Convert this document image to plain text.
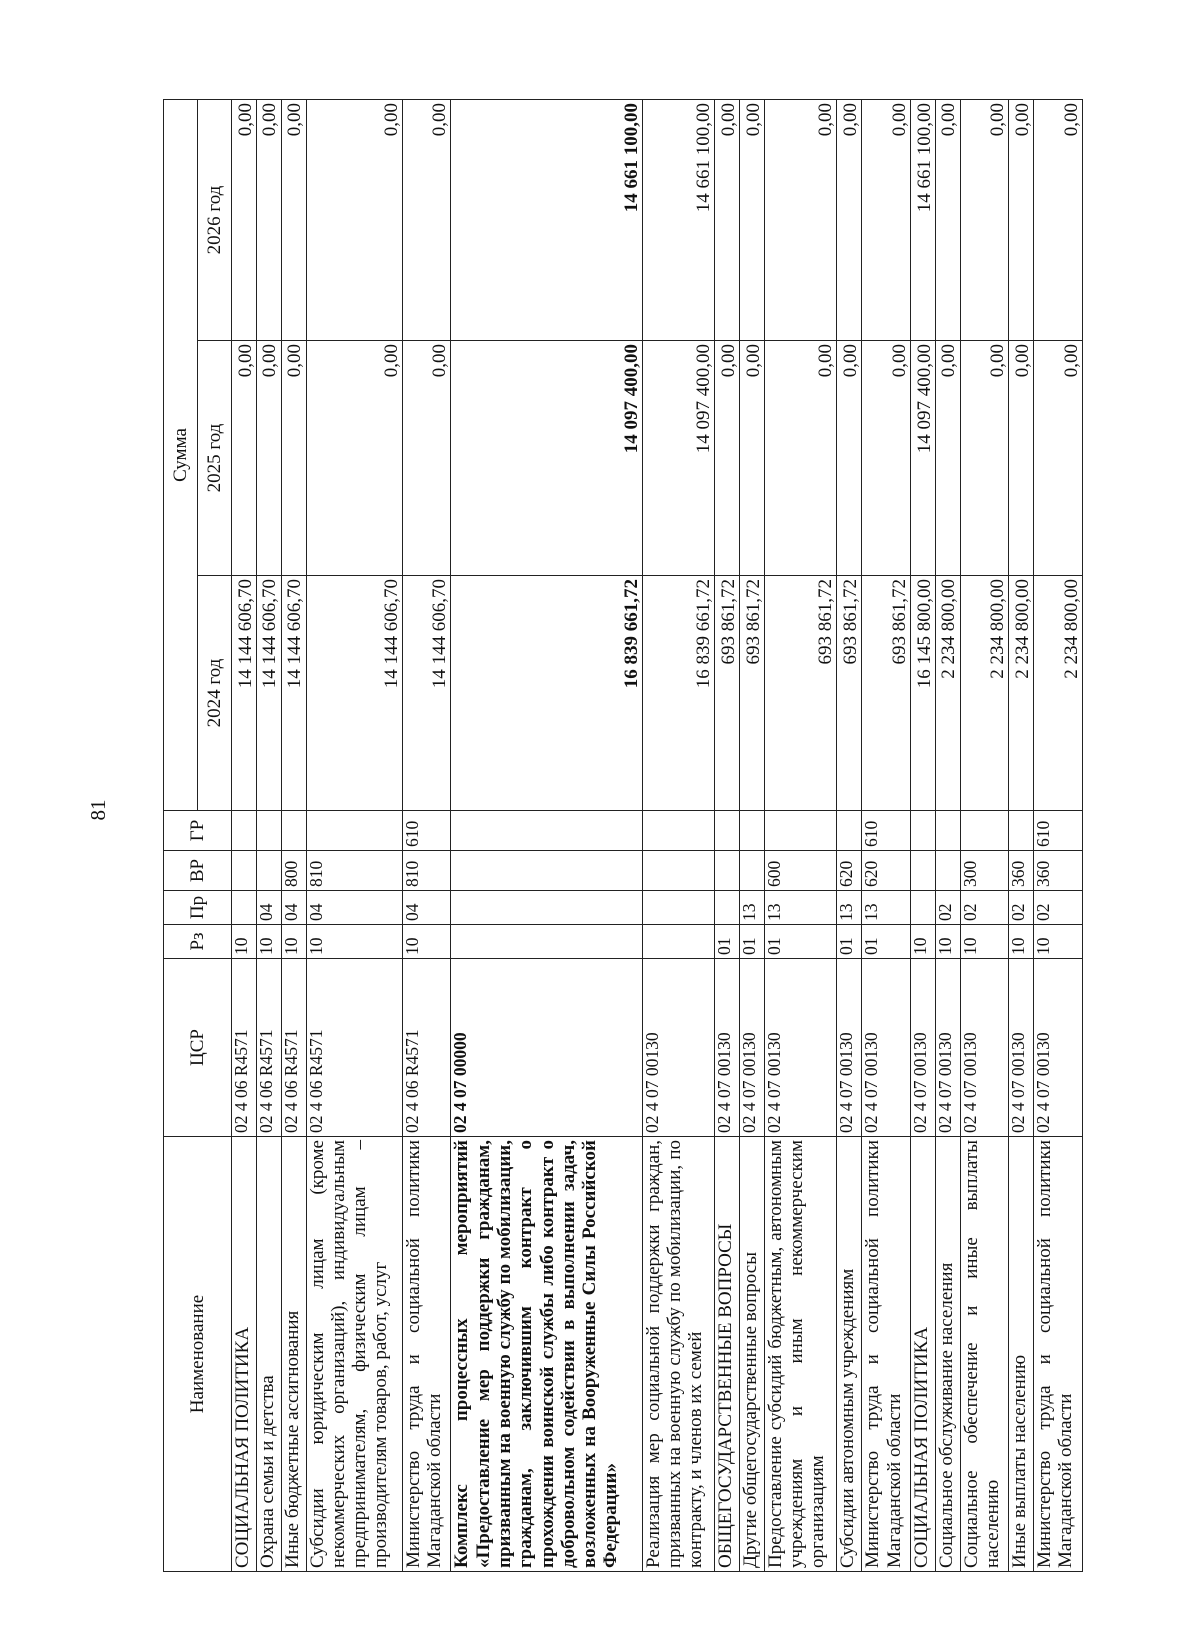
81
Наименование	ЦСР	Рз	Пр	ВР	ГР	Сумма		
						2024 год	2025 год	2026 год
СОЦИАЛЬНАЯ ПОЛИТИКА	02 4 06 R4571	10				14 144 606,70	0,00	0,00
Охрана семьи и детства	02 4 06 R4571	10	04			14 144 606,70	0,00	0,00
Иные бюджетные ассигнования	02 4 06 R4571	10	04	800		14 144 606,70	0,00	0,00
Субсидии юридическим лицам (кроме некоммерческих организаций), индивидуальным предпринимателям, физическим лицам – производителям товаров, работ, услуг	02 4 06 R4571	10	04	810		14 144 606,70	0,00	0,00
Министерство труда и социальной политики Магаданской области	02 4 06 R4571	10	04	810	610	14 144 606,70	0,00	0,00
Комплекс процессных мероприятий «Предоставление мер поддержки гражданам, призванным на военную службу по мобилизации, гражданам, заключившим контракт о прохождении воинской службы либо контракт о добровольном содействии в выполнении задач, возложенных на Вооруженные Силы Российской Федерации»	02 4 07 00000					16 839 661,72	14 097 400,00	14 661 100,00
Реализация мер социальной поддержки граждан, призванных на военную службу по мобилизации, по контракту, и членов их семей	02 4 07 00130					16 839 661,72	14 097 400,00	14 661 100,00
ОБЩЕГОСУДАРСТВЕННЫЕ ВОПРОСЫ	02 4 07 00130	01				693 861,72	0,00	0,00
Другие общегосударственные вопросы	02 4 07 00130	01	13			693 861,72	0,00	0,00
Предоставление субсидий бюджетным, автономным учреждениям и иным некоммерческим организациям	02 4 07 00130	01	13	600		693 861,72	0,00	0,00
Субсидии автономным учреждениям	02 4 07 00130	01	13	620		693 861,72	0,00	0,00
Министерство труда и социальной политики Магаданской области	02 4 07 00130	01	13	620	610	693 861,72	0,00	0,00
СОЦИАЛЬНАЯ ПОЛИТИКА	02 4 07 00130	10				16 145 800,00	14 097 400,00	14 661 100,00
Социальное обслуживание населения	02 4 07 00130	10	02			2 234 800,00	0,00	0,00
Социальное обеспечение и иные выплаты населению	02 4 07 00130	10	02	300		2 234 800,00	0,00	0,00
Иные выплаты населению	02 4 07 00130	10	02	360		2 234 800,00	0,00	0,00
Министерство труда и социальной политики Магаданской области	02 4 07 00130	10	02	360	610	2 234 800,00	0,00	0,00
